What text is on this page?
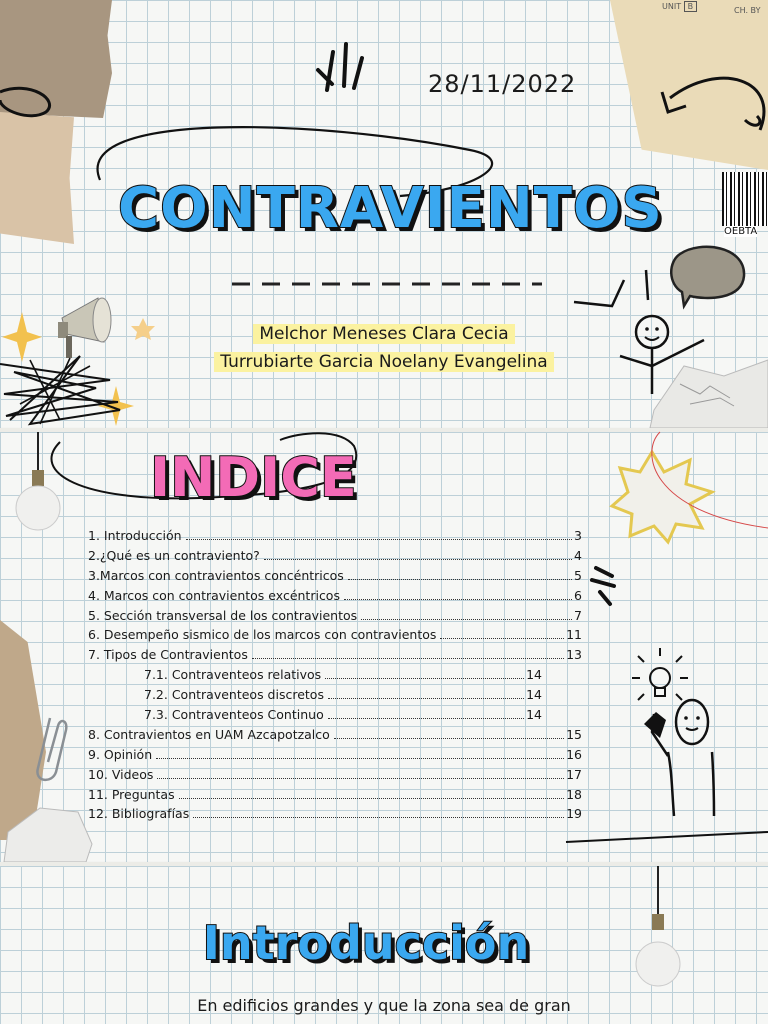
UNIT B	CH. BY
OEBTA
28/11/2022
CONTRAVIENTOS
Melchor Meneses Clara Cecia
Turrubiarte Garcia Noelany Evangelina
INDICE
1. Introducción	3
2.¿Qué es un contraviento?	4
3.Marcos con contravientos concéntricos	5
4. Marcos con contravientos excéntricos	6
5. Sección transversal de los contravientos	7
6. Desempeño sismico de los marcos con contravientos	11
7. Tipos de Contravientos	13
7.1. Contraventeos relativos	14
7.2. Contraventeos discretos	14
7.3. Contraventeos Continuo	14
8. Contravientos en UAM Azcapotzalco	15
9. Opinión	16
10. Videos	17
11. Preguntas	18
12. Bibliografías	19
Introducción
En edificios grandes y que la zona sea de gran
